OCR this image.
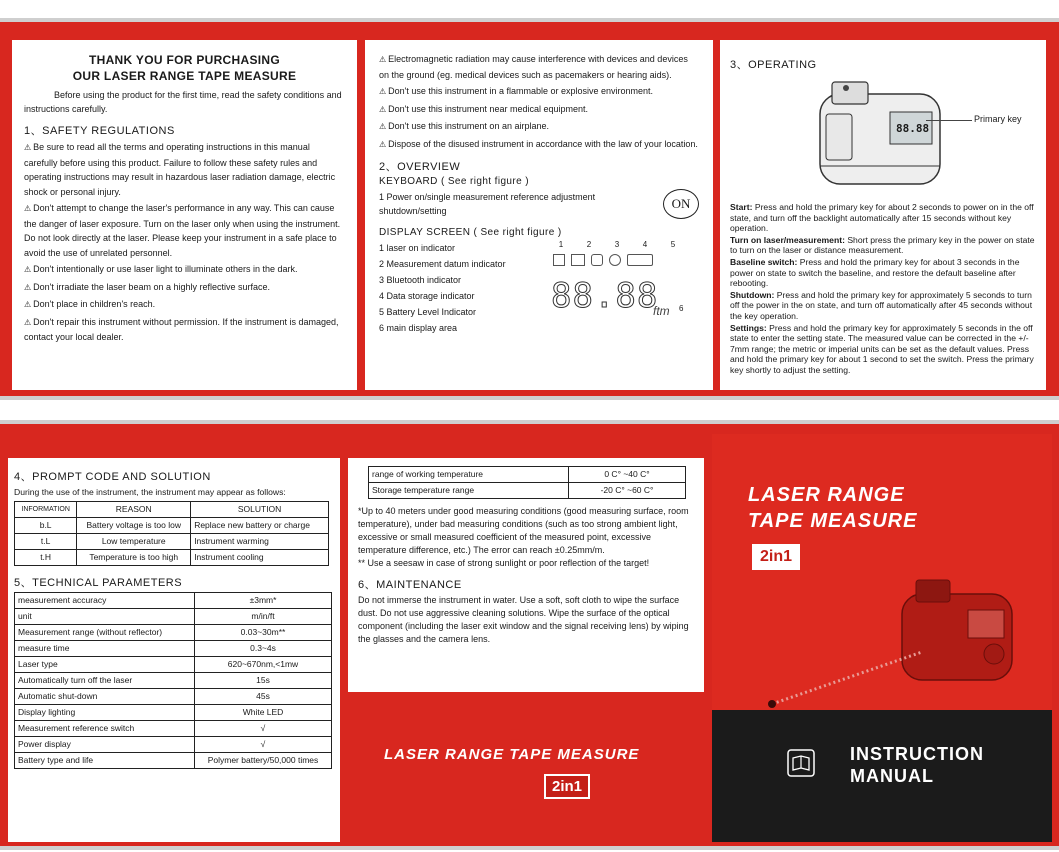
THANK YOU FOR PURCHASING
OUR LASER RANGE TAPE MEASURE

Before using the product for the first time, read the safety conditions and instructions carefully.

1、SAFETY REGULATIONS

⚠ Be sure to read all the terms and operating instructions in this manual carefully before using this product. Failure to follow these safety rules and operating instructions may result in hazardous laser radiation damage, electric shock or personal injury.

⚠ Don't attempt to change the laser's performance in any way. This can cause the danger of laser exposure. Turn on the laser only when using the instrument. Do not look directly at the laser. Please keep your instrument in a safe place to avoid the use of unrelated personnel.

⚠ Don't intentionally or use laser light to illuminate others in the dark.

⚠ Don't irradiate the laser beam on a highly reflective surface.

⚠ Don't place in children's reach.

⚠ Don't repair this instrument without permission. If the instrument is damaged, contact your local dealer.

⚠ Electromagnetic radiation may cause interference with devices and devices on the ground (eg. medical devices such as pacemakers or hearing aids).

⚠ Don't use this instrument in a flammable or explosive environment.

⚠ Don't use this instrument near medical equipment.

⚠ Don't use this instrument on an airplane.

⚠ Dispose of the disused instrument in accordance with the law of your location.

2、OVERVIEW
KEYBOARD ( See right figure )

1 Power on/single measurement reference adjustment shutdown/setting	ON
DISPLAY SCREEN ( See right figure )
1 laser on indicator
2 Measurement datum indicator
3 Bluetooth indicator
4 Data storage indicator
5 Battery Level Indicator
6 main display area
1	2	3	4	5
88.88
ftm 6
3、OPERATING
88.88
Primary key

Start: Press and hold the primary key for about 2 seconds to power on in the off state, and turn off the backlight automatically after 15 seconds without key operation.

Turn on laser/measurement: Short press the primary key in the power on state to turn on the laser or distance measurement.

Baseline switch: Press and hold the primary key for about 3 seconds in the power on state to switch the baseline, and restore the default baseline after rebooting.

Shutdown: Press and hold the primary key for approximately 5 seconds to turn off the power in the on state, and turn off automatically after 45 seconds without the key operation.

Settings: Press and hold the primary key for approximately 5 seconds in the off state to enter the setting state. The measured value can be corrected in the +/- 7mm range; the metric or imperial units can be set as the default values. Press and hold the primary key for about 1 second to set the switch. Press the primary key shortly to adjust the setting.

4、PROMPT CODE AND SOLUTION

During the use of the instrument, the instrument may appear as follows:

INFORMATION	REASON	SOLUTION
b.L	Battery voltage is too low	Replace new battery or charge
t.L	Low temperature	Instrument warming
t.H	Temperature is too high	Instrument cooling
5、TECHNICAL PARAMETERS
measurement accuracy	±3mm*
unit	m/in/ft
Measurement range (without reflector)	0.03~30m**
measure time	0.3~4s
Laser type	620~670nm,<1mw
Automatically turn off the laser	15s
Automatic shut-down	45s
Display lighting	White LED
Measurement reference switch	√
Power display	√
Battery type and life	Polymer battery/50,000 times
range of working temperature	0 C° ~40 C°
Storage temperature range	-20 C° ~60 C°

*Up to 40 meters under good measuring conditions (good measuring surface, room temperature), under bad measuring conditions (such as too strong ambient light, excessive or small measured coefficient of the measured point, excessive temperature difference, etc.) The error can reach ±0.25mm/m.

** Use a seesaw in case of strong sunlight or poor reflection of the target!

6、MAINTENANCE

Do not immerse the instrument in water. Use a soft, soft cloth to wipe the surface dust. Do not use aggressive cleaning solutions. Wipe the surface of the optical component (including the laser exit window and the signal receiving lens) by wiping the glasses and the camera lens.

LASER RANGE TAPE MEASURE
2in1
LASER RANGE
TAPE MEASURE
2in1
INSTRUCTION
MANUAL
